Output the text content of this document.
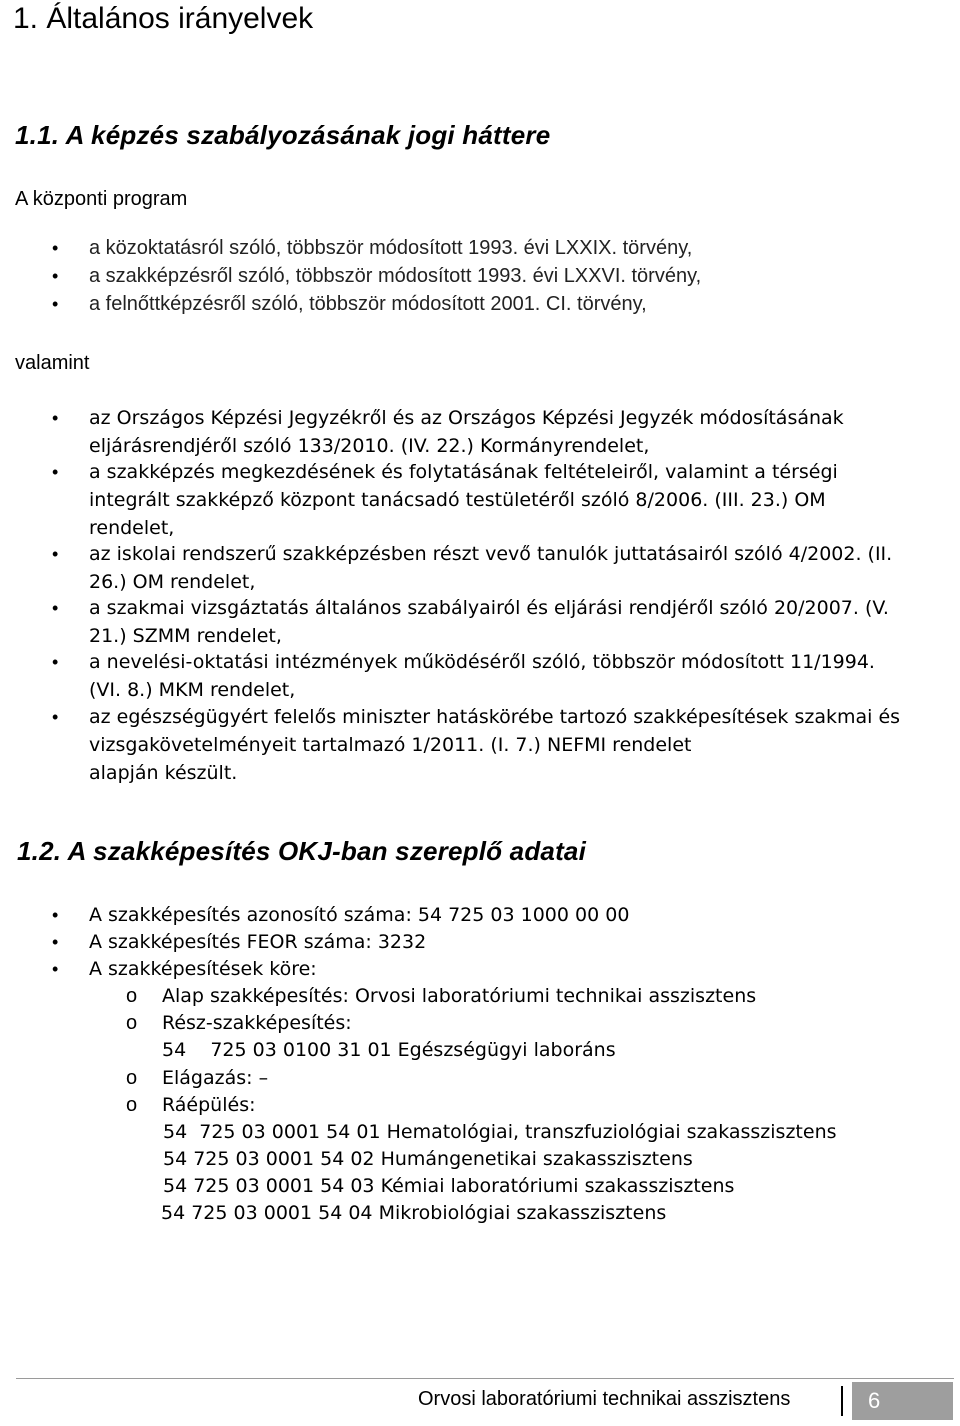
1. Általános irányelvek
1.1. A képzés szabályozásának jogi háttere
A központi program
• a közoktatásról szóló, többször módosított 1993. évi LXXIX. törvény,
• a szakképzésről szóló, többször módosított 1993. évi LXXVI. törvény,
• a felnőttképzésről szóló, többször módosított 2001. CI. törvény,
valamint
• az Országos Képzési Jegyzékről és az Országos Képzési Jegyzék módosításának
eljárásrendjéről szóló 133/2010. (IV. 22.) Kormányrendelet,
• a szakképzés megkezdésének és folytatásának feltételeiről, valamint a térségi
integrált szakképző központ tanácsadó testületéről szóló 8/2006. (III. 23.) OM
rendelet,
• az iskolai rendszerű szakképzésben részt vevő tanulók juttatásairól szóló 4/2002. (II.
26.) OM rendelet,
• a szakmai vizsgáztatás általános szabályairól és eljárási rendjéről szóló 20/2007. (V.
21.) SZMM rendelet,
• a nevelési-oktatási intézmények működéséről szóló, többször módosított 11/1994.
(VI. 8.) MKM rendelet,
• az egészségügyért felelős miniszter hatáskörébe tartozó szakképesítések szakmai és
vizsgakövetelményeit tartalmazó 1/2011. (I. 7.) NEFMI rendelet
alapján készült.
1.2. A szakképesítés OKJ-ban szereplő adatai
• A szakképesítés azonosító száma: 54 725 03 1000 00 00
• A szakképesítés FEOR száma: 3232
• A szakképesítések köre:
o Alap szakképesítés: Orvosi laboratóriumi technikai asszisztens
o Rész-szakképesítés:
54    725 03 0100 31 01 Egészségügyi laboráns
o Elágazás: –
o Ráépülés:
54  725 03 0001 54 01 Hematológiai, transzfuziológiai szakasszisztens
54 725 03 0001 54 02 Humángenetikai szakasszisztens
54 725 03 0001 54 03 Kémiai laboratóriumi szakasszisztens
54 725 03 0001 54 04 Mikrobiológiai szakasszisztens
Orvosi laboratóriumi technikai asszisztens	6
